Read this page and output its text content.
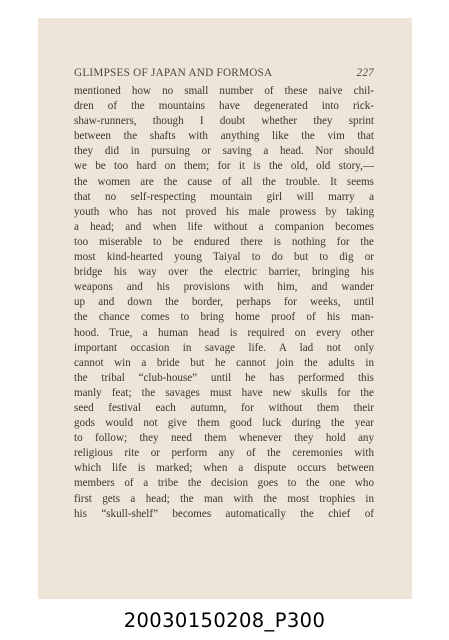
GLIMPSES OF JAPAN AND FORMOSA	227
mentioned how no small number of these naive chil-
dren of the mountains have degenerated into rick-
shaw-runners, though I doubt whether they sprint
between the shafts with anything like the vim that
they did in pursuing or saving a head. Nor should
we be too hard on them; for it is the old, old story,—
the women are the cause of all the trouble. It seems
that no self-respecting mountain girl will marry a
youth who has not proved his male prowess by taking
a head; and when life without a companion becomes
too miserable to be endured there is nothing for the
most kind-hearted young Taiyal to do but to dig or
bridge his way over the electric barrier, bringing his
weapons and his provisions with him, and wander
up and down the border, perhaps for weeks, until
the chance comes to bring home proof of his man-
hood. True, a human head is required on every other
important occasion in savage life. A lad not only
cannot win a bride but he cannot join the adults in
the tribal “club-house” until he has performed this
manly feat; the savages must have new skulls for the
seed festival each autumn, for without them their
gods would not give them good luck during the year
to follow; they need them whenever they hold any
religious rite or perform any of the ceremonies with
which life is marked; when a dispute occurs between
members of a tribe the decision goes to the one who
first gets a head; the man with the most trophies in
his “skull-shelf” becomes automatically the chief of
20030150208_P300
